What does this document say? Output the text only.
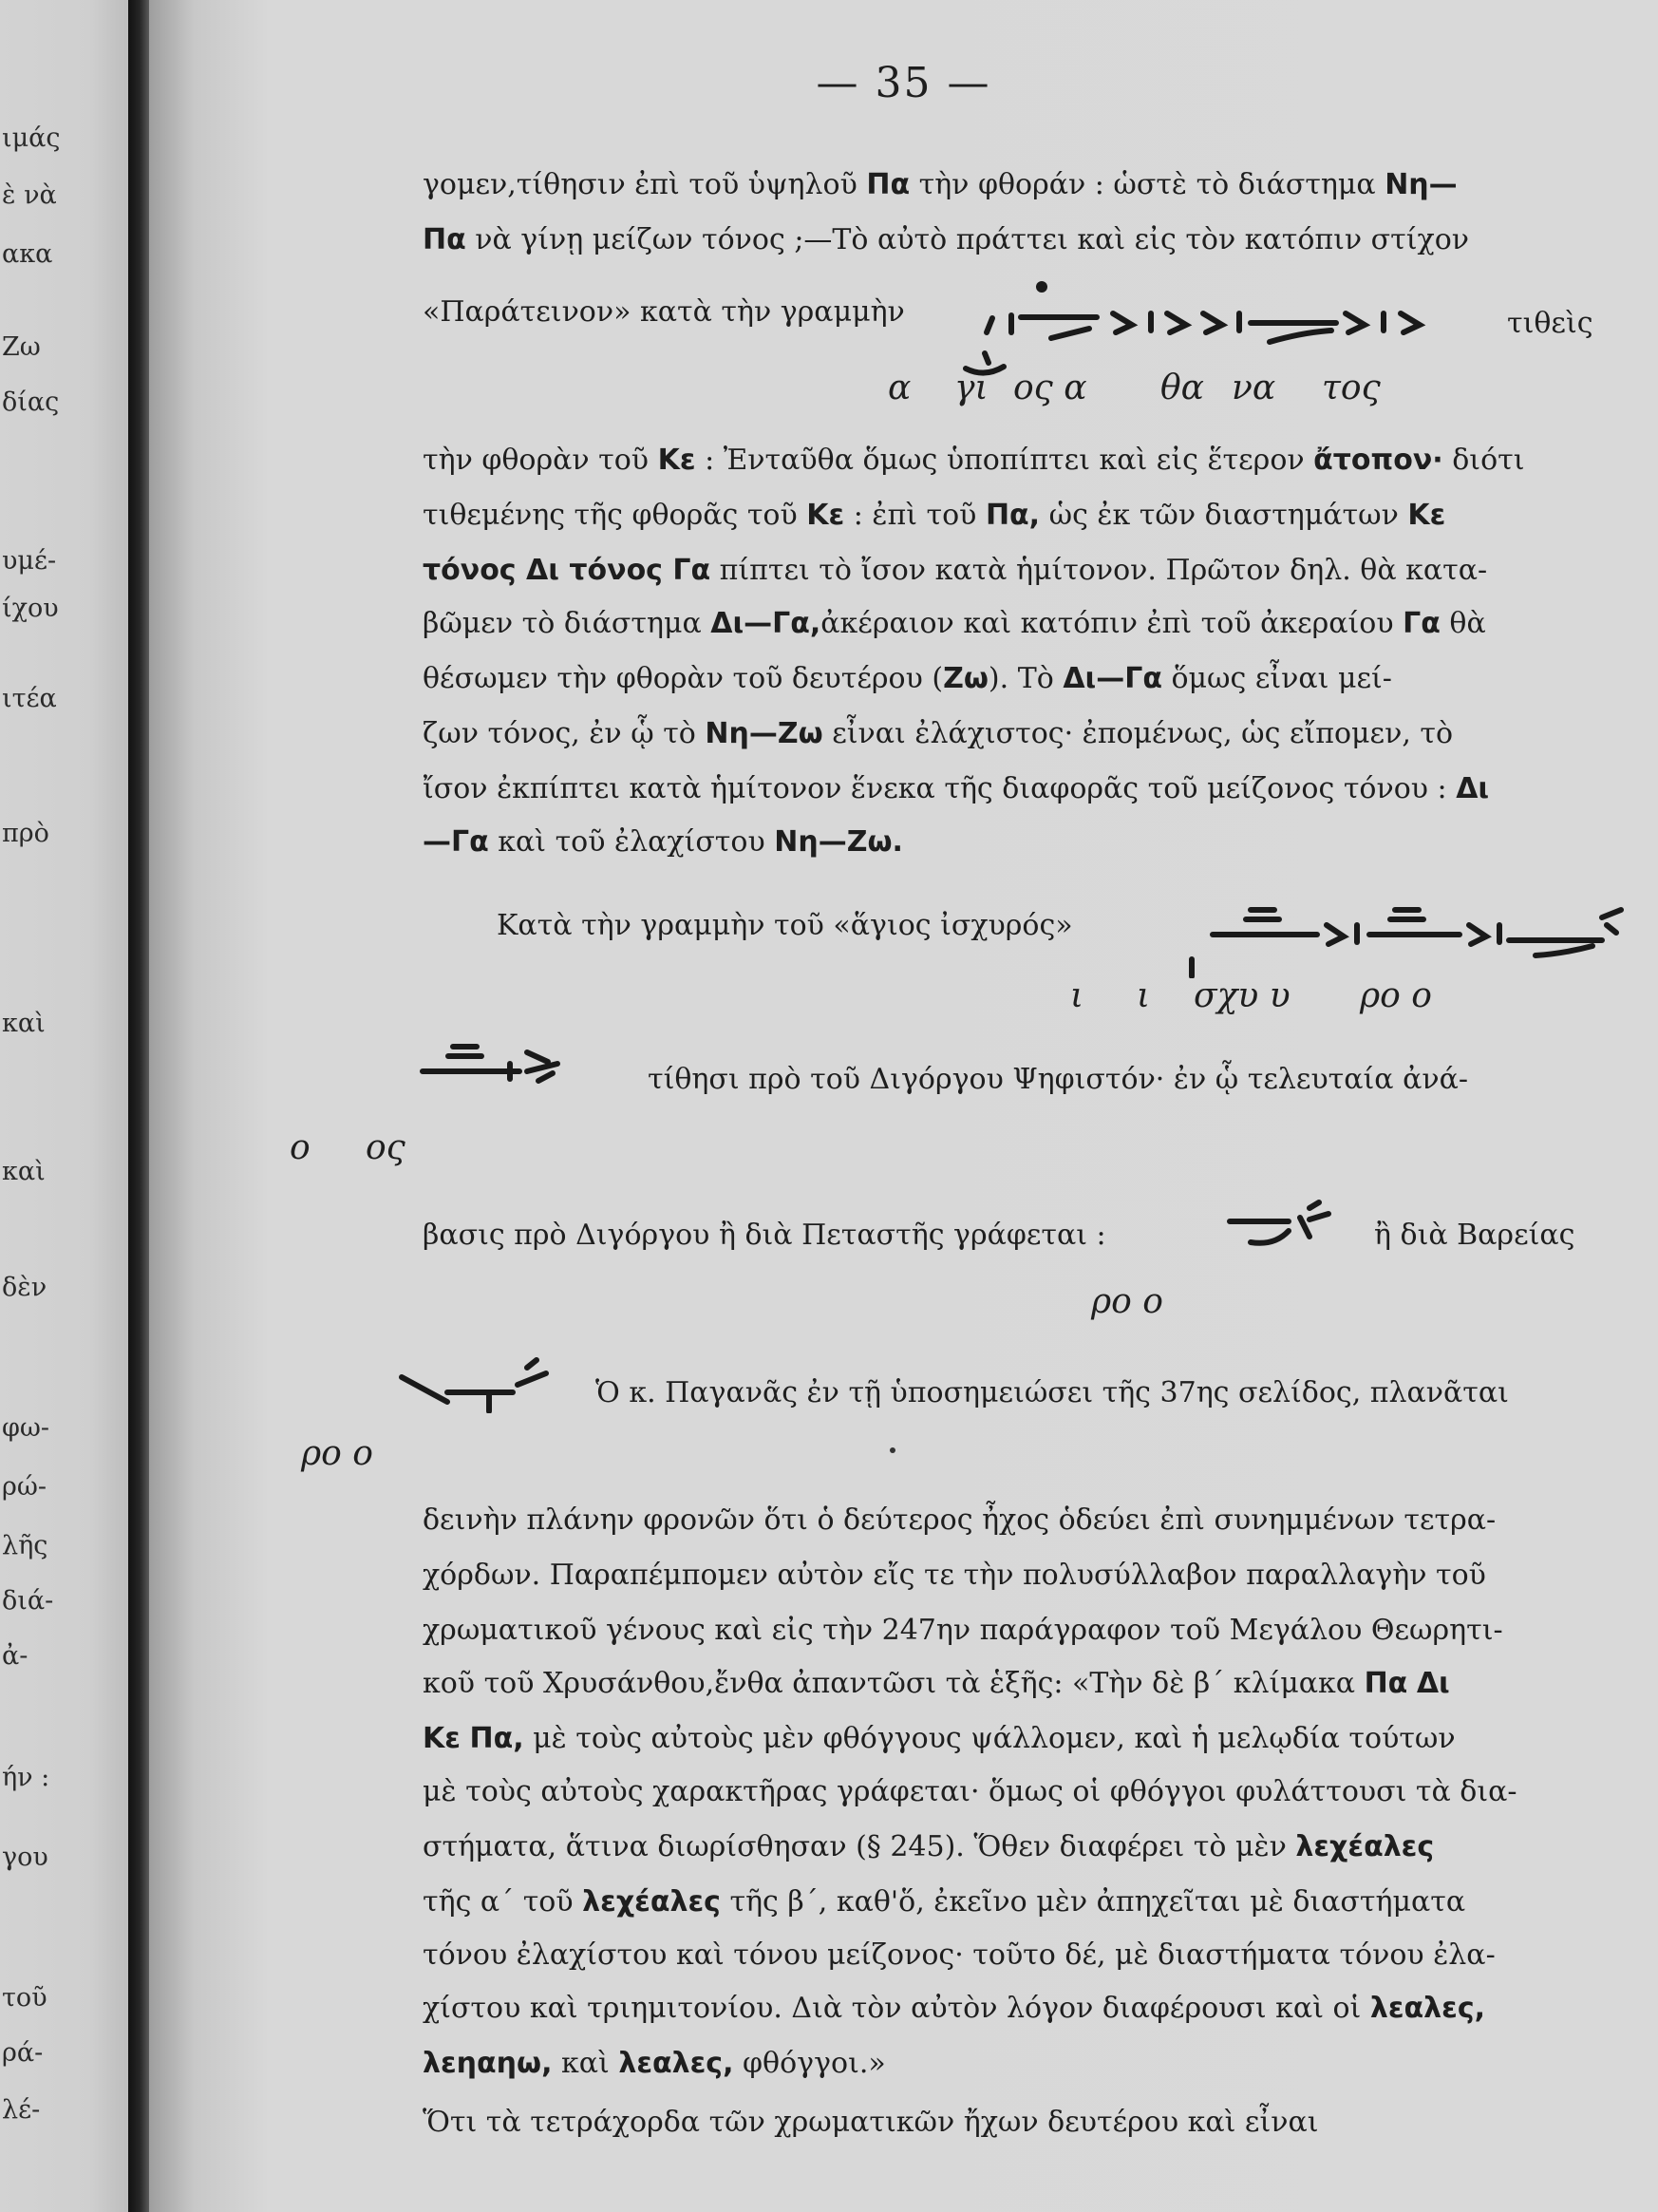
ιμάς
ὲ νὰ
ακα
Ζω
δίας
υμέ-
ίχου
ιτέα
πρὸ
καὶ
καὶ
δὲν
φω-
ρώ-
λῆς
διά-
ἀ-
ήν :
γου
τοῦ
ρά-
λέ-
— 35 —
«Παράτεινον» κατὰ τὴν γραμμὴν	τιθεὶς
Κατὰ τὴν γραμμὴν τοῦ «ἅγιος ἰσχυρός»
τίθησι πρὸ τοῦ Διγόργου Ψηφιστόν· ἐν ᾧ τελευταία ἀνά-
βασις πρὸ Διγόργου ἢ διὰ Πεταστῆς γράφεται :	ἢ διὰ Βαρείας
Ὁ κ. Παγανᾶς ἐν τῇ ὑποσημειώσει τῆς 37ης σελίδος, πλανᾶται
γομεν,τίθησιν ἐπὶ τοῦ ὑψηλοῦ Πα τὴν φθοράν : ὡστὲ τὸ διάστημα Νη—
Πα νὰ γίνῃ μείζων τόνος ;—Τὸ αὐτὸ πράττει καὶ εἰς τὸν κατόπιν στίχον
τὴν φθορὰν τοῦ Κε : Ἐνταῦθα ὅμως ὑποπίπτει καὶ εἰς ἕτερον ἄτοπον· διότι
τιθεμένης τῆς φθορᾶς τοῦ Κε : ἐπὶ τοῦ Πα, ὡς ἐκ τῶν διαστημάτων Κε
τόνος Δι τόνος Γα πίπτει τὸ ἴσον κατὰ ἡμίτονον. Πρῶτον δηλ. θὰ κατα-
βῶμεν τὸ διάστημα Δι—Γα,ἀκέραιον καὶ κατόπιν ἐπὶ τοῦ ἀκεραίου Γα θὰ
θέσωμεν τὴν φθορὰν τοῦ δευτέρου (Ζω). Τὸ Δι—Γα ὅμως εἶναι μεί-
ζων τόνος, ἐν ᾧ τὸ Νη—Ζω εἶναι ἐλάχιστος· ἐπομένως, ὡς εἴπομεν, τὸ
ἴσον ἐκπίπτει κατὰ ἡμίτονον ἕνεκα τῆς διαφορᾶς τοῦ μείζονος τόνου : Δι
—Γα καὶ τοῦ ἐλαχίστου Νη—Ζω.
δεινὴν πλάνην φρονῶν ὅτι ὁ δεύτερος ἦχος ὁδεύει ἐπὶ συνημμένων τετρα-
χόρδων. Παραπέμπομεν αὐτὸν εἴς τε τὴν πολυσύλλαβον παραλλαγὴν τοῦ
χρωματικοῦ γένους καὶ εἰς τὴν 247ην παράγραφον τοῦ Μεγάλου Θεωρητι-
κοῦ τοῦ Χρυσάνθου,ἔνθα ἀπαντῶσι τὰ ἑξῆς: «Τὴν δὲ β΄ κλίμακα Πα Δι
Κε Πα, μὲ τοὺς αὐτοὺς μὲν φθόγγους ψάλλομεν, καὶ ἡ μελῳδία τούτων
μὲ τοὺς αὐτοὺς χαρακτῆρας γράφεται· ὅμως οἱ φθόγγοι φυλάττουσι τὰ δια-
στήματα, ἅτινα διωρίσθησαν (§ 245). Ὅθεν διαφέρει τὸ μὲν λεχέαλες
τῆς α΄ τοῦ λεχέαλες τῆς β΄, καθ'ὅ, ἐκεῖνο μὲν ἀπηχεῖται μὲ διαστήματα
τόνου ἐλαχίστου καὶ τόνου μείζονος· τοῦτο δέ, μὲ διαστήματα τόνου ἐλα-
χίστου καὶ τριημιτονίου. Διὰ τὸν αὐτὸν λόγον διαφέρουσι καὶ οἱ λεαλες,
λεηαηω, καὶ λεαλες, φθόγγοι.»
Ὅτι τὰ τετράχορδα τῶν χρωματικῶν ἤχων δευτέρου καὶ εἶναι
α γι ος α θα να τος
ι ι σχυ υ ρο ο
ο ος
ρο ο
ρο ο
